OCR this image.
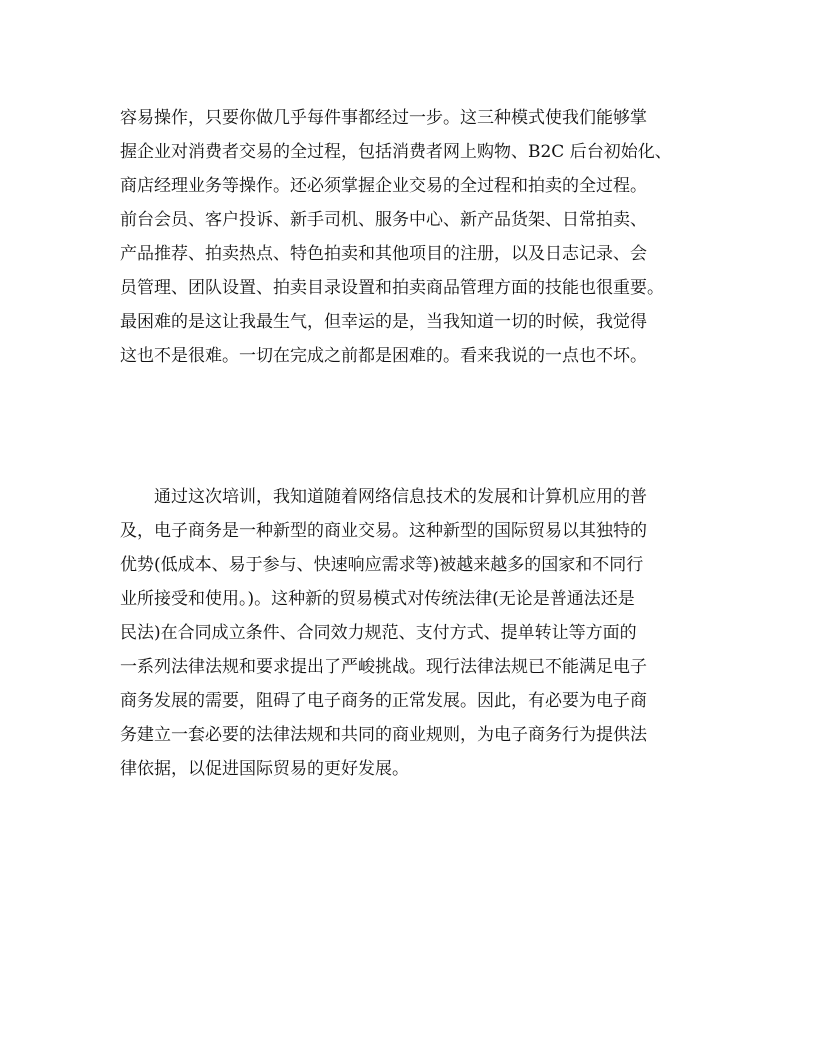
容易操作，只要你做几乎每件事都经过一步。这三种模式使我们能够掌
握企业对消费者交易的全过程，包括消费者网上购物、B2C 后台初始化、
商店经理业务等操作。还必须掌握企业交易的全过程和拍卖的全过程。
前台会员、客户投诉、新手司机、服务中心、新产品货架、日常拍卖、
产品推荐、拍卖热点、特色拍卖和其他项目的注册，以及日志记录、会
员管理、团队设置、拍卖目录设置和拍卖商品管理方面的技能也很重要。
最困难的是这让我最生气，但幸运的是，当我知道一切的时候，我觉得
这也不是很难。一切在完成之前都是困难的。看来我说的一点也不坏。
　　通过这次培训，我知道随着网络信息技术的发展和计算机应用的普
及，电子商务是一种新型的商业交易。这种新型的国际贸易以其独特的
优势(低成本、易于参与、快速响应需求等)被越来越多的国家和不同行
业所接受和使用。)。这种新的贸易模式对传统法律(无论是普通法还是
民法)在合同成立条件、合同效力规范、支付方式、提单转让等方面的
一系列法律法规和要求提出了严峻挑战。现行法律法规已不能满足电子
商务发展的需要，阻碍了电子商务的正常发展。因此，有必要为电子商
务建立一套必要的法律法规和共同的商业规则，为电子商务行为提供法
律依据，以促进国际贸易的更好发展。
